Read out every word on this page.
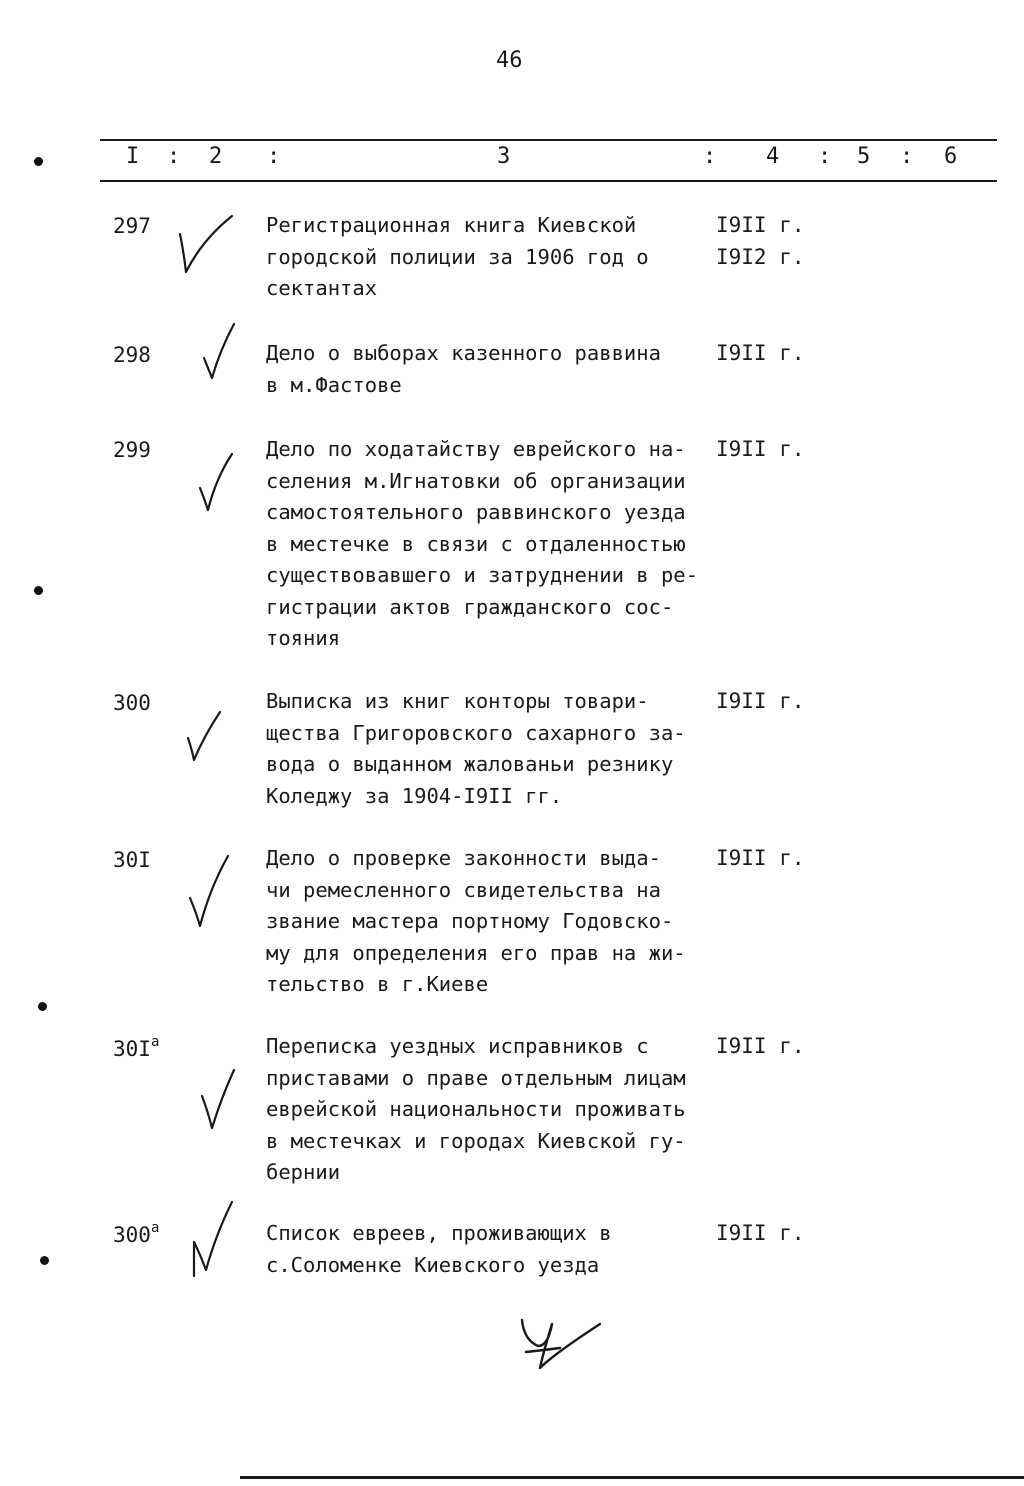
46
I : 2 :	3	: 4 : 5 : 6
297	Регистрационная книга Киевской
городской полиции за 1906 год о
сектантах
I9II г.
I9I2 г.
298	Дело о выборах казенного раввина
в м.Фастове
I9II г.
299	Дело по ходатайству еврейского на-
селения м.Игнатовки об организации
самостоятельного раввинского уезда
в местечке в связи с отдаленностью
существовавшего и затруднении в ре-
гистрации актов гражданского сос-
тояния
I9II г.
300	Выписка из книг конторы товари-
щества Григоровского сахарного за-
вода о выданном жалованьи резнику
Коледжу за 1904-I9II гг.
I9II г.
30I	Дело о проверке законности выда-
чи ремесленного свидетельства на
звание мастера портному Годовско-
му для определения его прав на жи-
тельство в г.Киеве
I9II г.
$30I^а$	Переписка уездных исправников с
приставами о праве отдельным лицам
еврейской национальности проживать
в местечках и городах Киевской гу-
бернии
I9II г.
$300^а$	Список евреев, проживающих в
с.Соломенке Киевского уезда
I9II г.
